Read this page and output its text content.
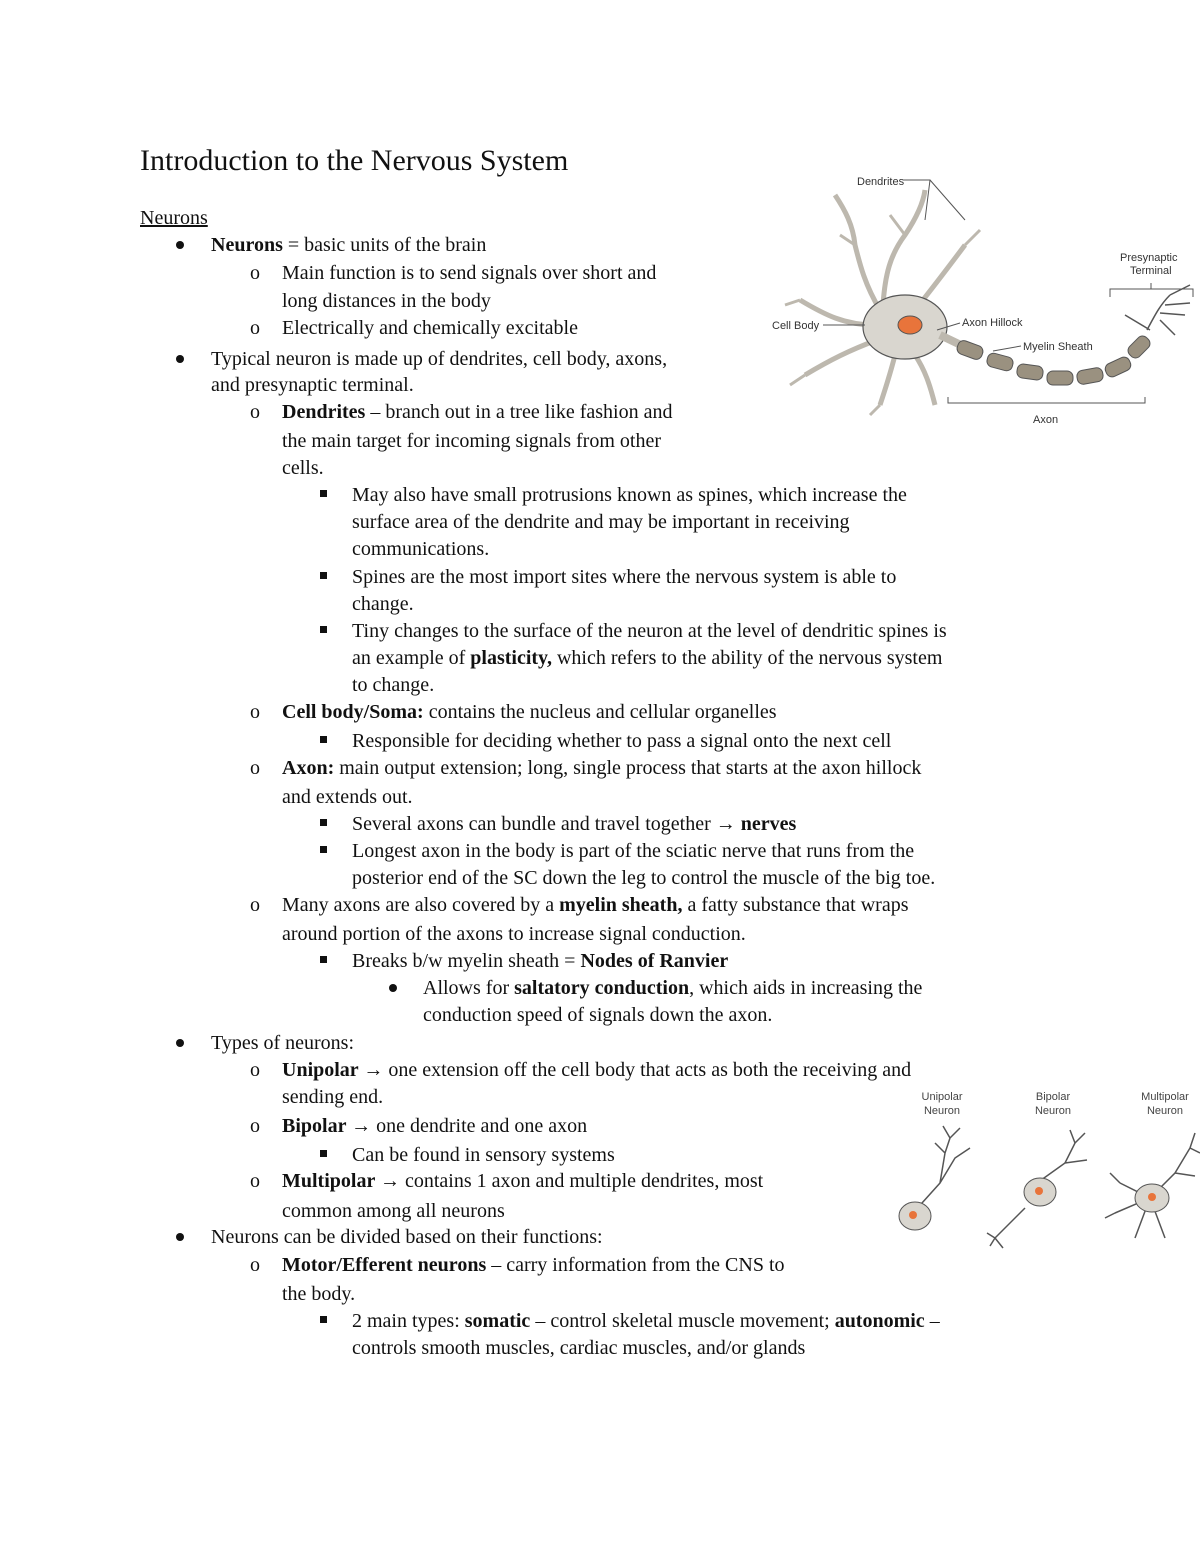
Introduction to the Nervous System
Neurons
Neurons = basic units of the brain
o Main function is to send signals over short and
long distances in the body
o Electrically and chemically excitable
Typical neuron is made up of dendrites, cell body, axons,
and presynaptic terminal.
o Dendrites – branch out in a tree like fashion and
the main target for incoming signals from other
cells.
May also have small protrusions known as spines, which increase the
surface area of the dendrite and may be important in receiving
communications.
Spines are the most import sites where the nervous system is able to
change.
Tiny changes to the surface of the neuron at the level of dendritic spines is
an example of plasticity, which refers to the ability of the nervous system
to change.
o Cell body/Soma: contains the nucleus and cellular organelles
Responsible for deciding whether to pass a signal onto the next cell
o Axon: main output extension; long, single process that starts at the axon hillock
and extends out.
Several axons can bundle and travel together → nerves
Longest axon in the body is part of the sciatic nerve that runs from the
posterior end of the SC down the leg to control the muscle of the big toe.
o Many axons are also covered by a myelin sheath, a fatty substance that wraps
around portion of the axons to increase signal conduction.
Breaks b/w myelin sheath = Nodes of Ranvier
Allows for saltatory conduction, which aids in increasing the
conduction speed of signals down the axon.
Types of neurons:
o Unipolar → one extension off the cell body that acts as both the receiving and
sending end.
o Bipolar → one dendrite and one axon
Can be found in sensory systems
o Multipolar → contains 1 axon and multiple dendrites, most
common among all neurons
Neurons can be divided based on their functions:
o Motor/Efferent neurons – carry information from the CNS to
the body.
2 main types: somatic – control skeletal muscle movement; autonomic –
controls smooth muscles, cardiac muscles, and/or glands
Dendrites
Presynaptic
Terminal
Cell Body	Axon Hillock
Myelin Sheath
Axon
Unipolar
Neuron
Bipolar
Neuron
Multipolar
Neuron
